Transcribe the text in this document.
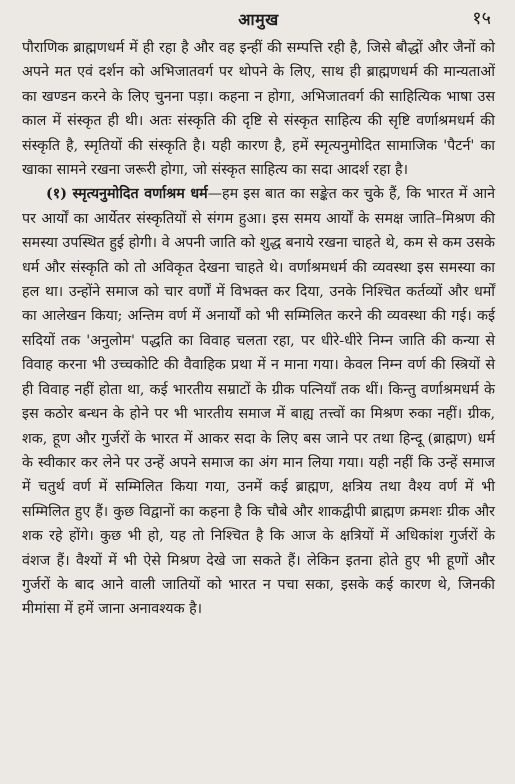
आमुख	१५

पौराणिक ब्राह्मणधर्म में ही रहा है और वह इन्हीं की सम्पत्ति रही है, जिसे बौद्धों और जैनों को अपने मत एवं दर्शन को अभिजातवर्ग पर थोपने के लिए, साथ ही ब्राह्मणधर्म की मान्यताओं का खण्डन करने के लिए चुनना पड़ा। कहना न होगा, अभिजातवर्ग की साहित्यिक भाषा उस काल में संस्कृत ही थी। अतः संस्कृति की दृष्टि से संस्कृत साहित्य की सृष्टि वर्णाश्रमधर्म की संस्कृति है, स्मृतियों की संस्कृति है। यही कारण है, हमें स्मृत्यनुमोदित सामाजिक 'पैटर्न' का खाका सामने रखना जरूरी होगा, जो संस्कृत साहित्य का सदा आदर्श रहा है।

(१) स्मृत्यनुमोदित वर्णाश्रम धर्म—हम इस बात का सङ्केत कर चुके हैं, कि भारत में आने पर आर्यों का आर्येतर संस्कृतियों से संगम हुआ। इस समय आर्यों के समक्ष जाति–मिश्रण की समस्या उपस्थित हुई होगी। वे अपनी जाति को शुद्ध बनाये रखना चाहते थे, कम से कम उसके धर्म और संस्कृति को तो अविकृत देखना चाहते थे। वर्णाश्रमधर्म की व्यवस्था इस समस्या का हल था। उन्होंने समाज को चार वर्णों में विभक्त कर दिया, उनके निश्चित कर्तव्यों और धर्मों का आलेखन किया; अन्तिम वर्ण में अनार्यों को भी सम्मिलित करने की व्यवस्था की गई। कई सदियों तक 'अनुलोम' पद्धति का विवाह चलता रहा, पर धीरे-धीरे निम्न जाति की कन्या से विवाह करना भी उच्चकोटि की वैवाहिक प्रथा में न माना गया। केवल निम्न वर्ण की स्त्रियों से ही विवाह नहीं होता था, कई भारतीय सम्राटों के ग्रीक पत्नियाँ तक थीं। किन्तु वर्णाश्रमधर्म के इस कठोर बन्धन के होने पर भी भारतीय समाज में बाह्य तत्त्वों का मिश्रण रुका नहीं। ग्रीक, शक, हूण और गुर्जरों के भारत में आकर सदा के लिए बस जाने पर तथा हिन्दू (ब्राह्मण) धर्म के स्वीकार कर लेने पर उन्हें अपने समाज का अंग मान लिया गया। यही नहीं कि उन्हें समाज में चतुर्थ वर्ण में सम्मिलित किया गया, उनमें कई ब्राह्मण, क्षत्रिय तथा वैश्य वर्ण में भी सम्मिलित हुए हैं। कुछ विद्वानों का कहना है कि चौबे और शाकद्वीपी ब्राह्मण क्रमशः ग्रीक और शक रहे होंगे। कुछ भी हो, यह तो निश्चित है कि आज के क्षत्रियों में अधिकांश गुर्जरों के वंशज हैं। वैश्यों में भी ऐसे मिश्रण देखे जा सकते हैं। लेकिन इतना होते हुए भी हूणों और गुर्जरों के बाद आने वाली जातियों को भारत न पचा सका, इसके कई कारण थे, जिनकी मीमांसा में हमें जाना अनावश्यक है।
